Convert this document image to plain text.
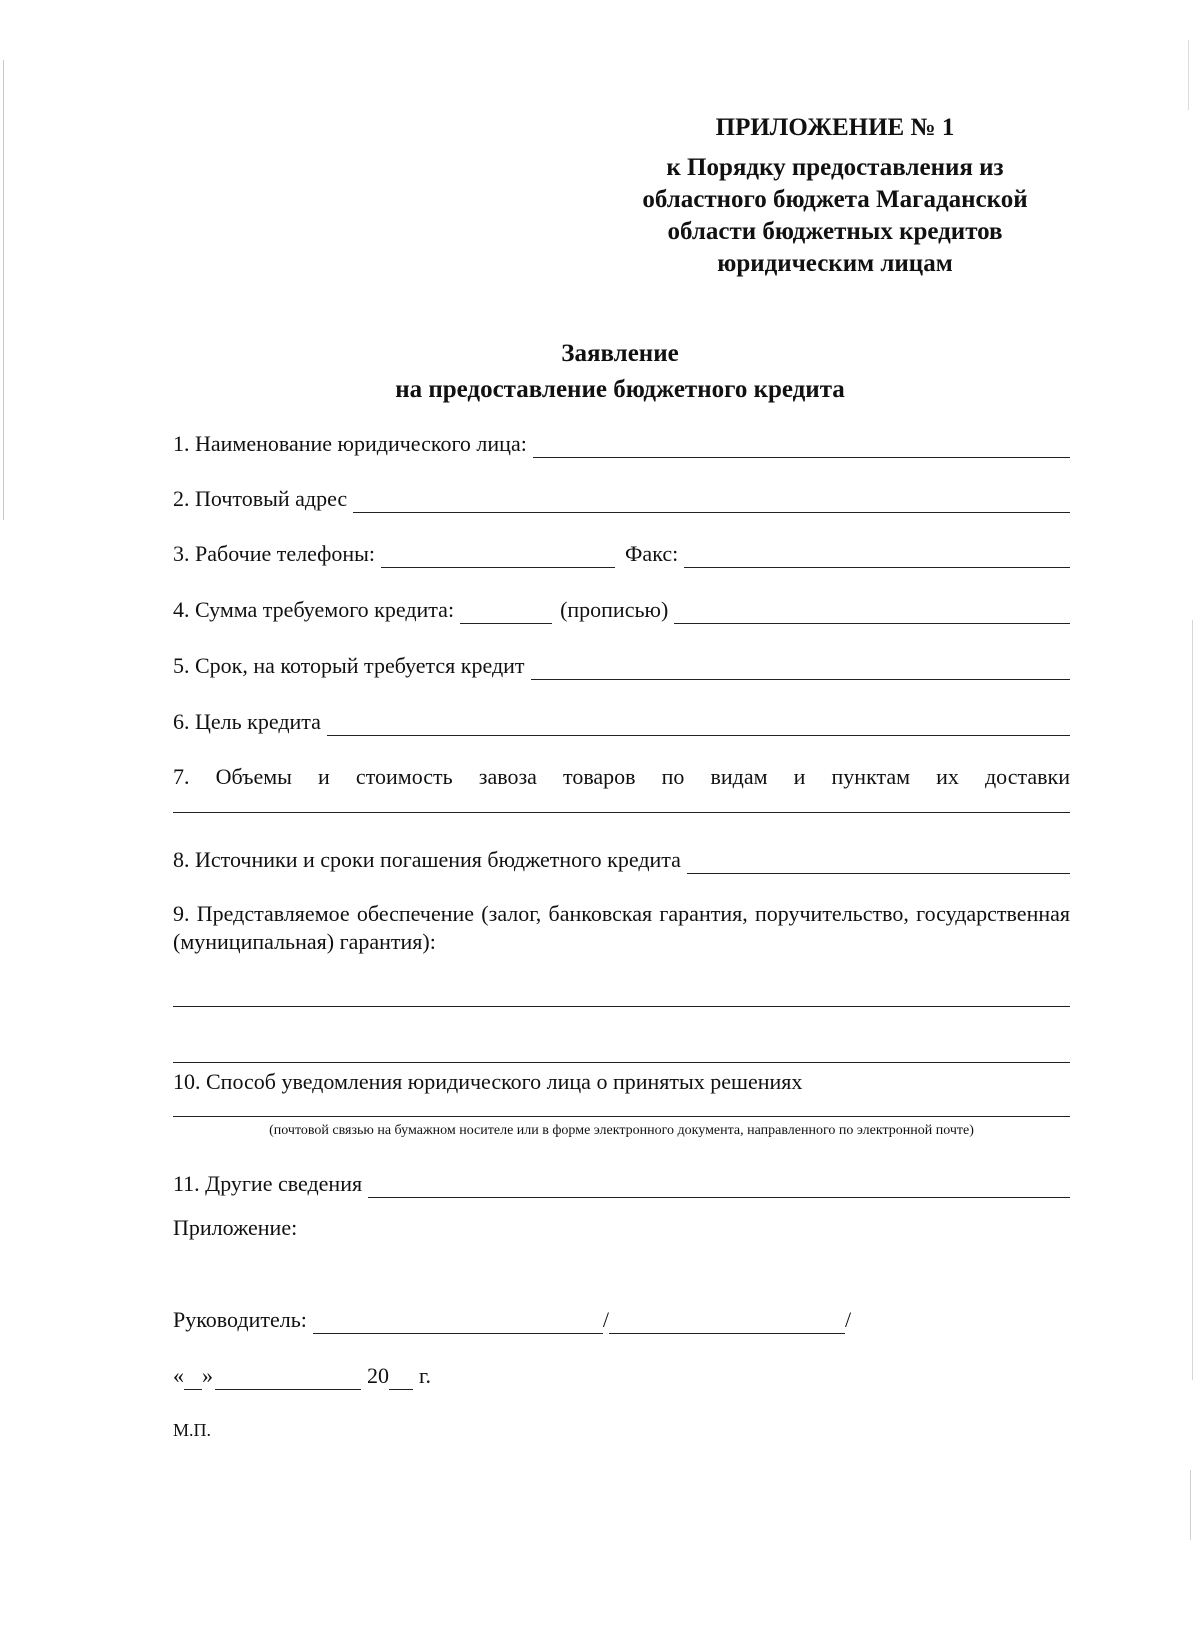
ПРИЛОЖЕНИЕ № 1
к Порядку предоставления из
областного бюджета Магаданской
области бюджетных кредитов
юридическим лицам
Заявление
на предоставление бюджетного кредита
1. Наименование юридического лица:
2. Почтовый адрес
3. Рабочие телефоны:	Факс:
4. Сумма требуемого кредита:	(прописью)
5. Срок, на который требуется кредит
6. Цель кредита
7. Объемы и стоимость завоза товаров по видам и пунктам их доставки
8. Источники и сроки погашения бюджетного кредита
9. Представляемое обеспечение (залог, банковская гарантия, поручительство, государственная (муниципальная) гарантия):
10. Способ уведомления юридического лица о принятых решениях
(почтовой связью на бумажном носителе или в форме электронного документа, направленного по электронной почте)
11. Другие сведения
Приложение:
Руководитель:	/	/
« »	20 г.
М.П.
